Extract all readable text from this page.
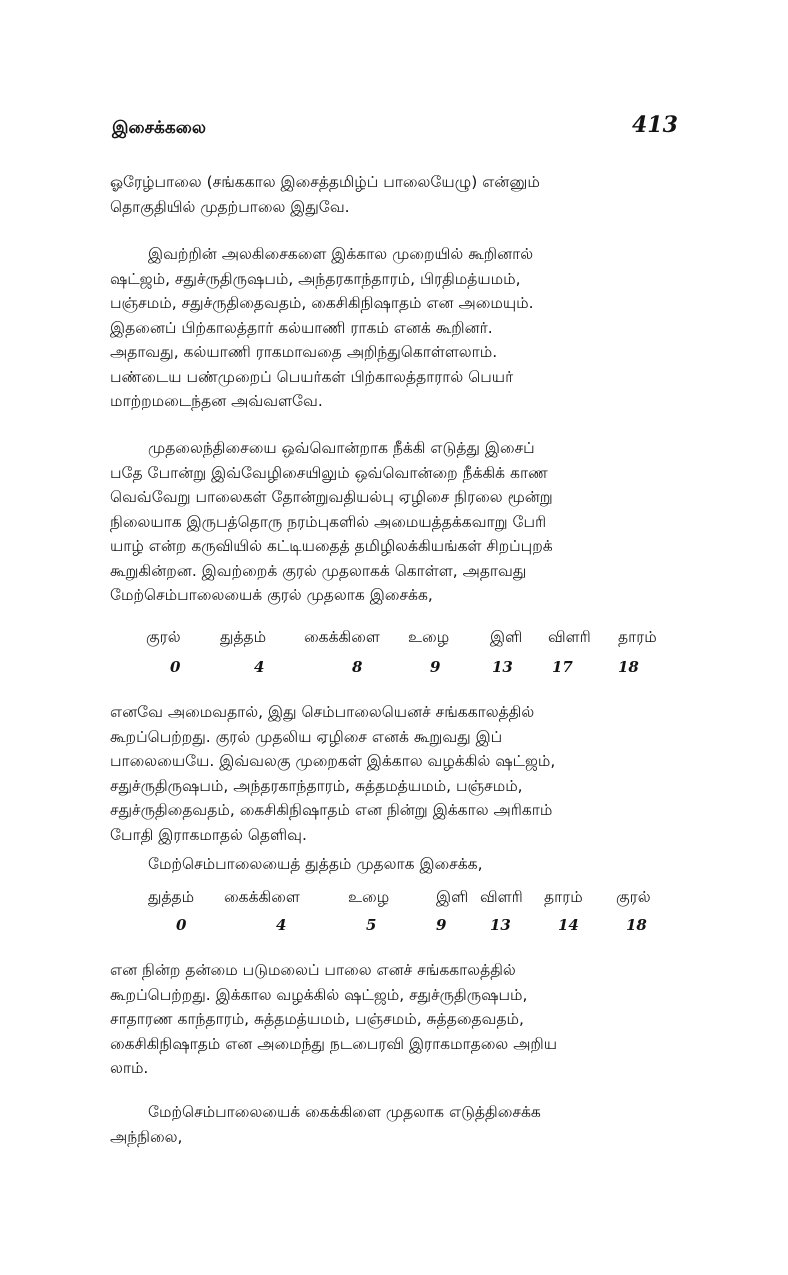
இசைக்கலை	413
ஓரேழ்பாலை (சங்ககால இசைத்தமிழ்ப் பாலையேழு) என்னும்
தொகுதியில் முதற்பாலை இதுவே.
இவற்றின் அலகிசைகளை இக்கால முறையில் கூறினால்
ஷட்ஜம், சதுச்ருதிருஷபம், அந்தரகாந்தாரம், பிரதிமத்யமம்,
பஞ்சமம், சதுச்ருதிதைவதம், கைசிகிநிஷாதம் என அமையும்.
இதனைப் பிற்காலத்தார் கல்யாணி ராகம் எனக் கூறினர்.
அதாவது, கல்யாணி ராகமாவதை அறிந்துகொள்ளலாம்.
பண்டைய பண்முறைப் பெயர்கள் பிற்காலத்தாரால் பெயர்
மாற்றமடைந்தன அவ்வளவே.
முதலைந்திசையை ஒவ்வொன்றாக நீக்கி எடுத்து இசைப்
பதே போன்று இவ்வேழிசையிலும் ஒவ்வொன்றை நீக்கிக் காண
வெவ்வேறு பாலைகள் தோன்றுவதியல்பு ஏழிசை நிரலை மூன்று
நிலையாக இருபத்தொரு நரம்புகளில் அமையத்தக்கவாறு பேரி
யாழ் என்ற கருவியில் கட்டியதைத் தமிழிலக்கியங்கள் சிறப்புறக்
கூறுகின்றன. இவற்றைக் குரல் முதலாகக் கொள்ள, அதாவது
மேற்செம்பாலையைக் குரல் முதலாக இசைக்க,
குரல்	துத்தம் கைக்கிளை உழை	இளி விளரி தாரம்
0	4	8	9	13	17	18
எனவே அமைவதால், இது செம்பாலையெனச் சங்ககாலத்தில்
கூறப்பெற்றது. குரல் முதலிய ஏழிசை எனக் கூறுவது இப்
பாலையையே. இவ்வலகு முறைகள் இக்கால வழக்கில் ஷட்ஜம்,
சதுச்ருதிருஷபம், அந்தரகாந்தாரம், சுத்தமத்யமம், பஞ்சமம்,
சதுச்ருதிதைவதம், கைசிகிநிஷாதம் என நின்று இக்கால அரிகாம்
போதி இராகமாதல் தெளிவு.
மேற்செம்பாலையைத் துத்தம் முதலாக இசைக்க,
துத்தம் கைக்கிளை	உழை	இளி விளரி தாரம் குரல்
0	4	5	9	13	14	18
என நின்ற தன்மை படுமலைப் பாலை எனச் சங்ககாலத்தில்
கூறப்பெற்றது. இக்கால வழக்கில் ஷட்ஜம், சதுச்ருதிருஷபம்,
சாதாரண காந்தாரம், சுத்தமத்யமம், பஞ்சமம், சுத்ததைவதம்,
கைசிகிநிஷாதம் என அமைந்து நடபைரவி இராகமாதலை அறிய
லாம்.
மேற்செம்பாலையைக் கைக்கிளை முதலாக எடுத்திசைக்க
அந்நிலை,
